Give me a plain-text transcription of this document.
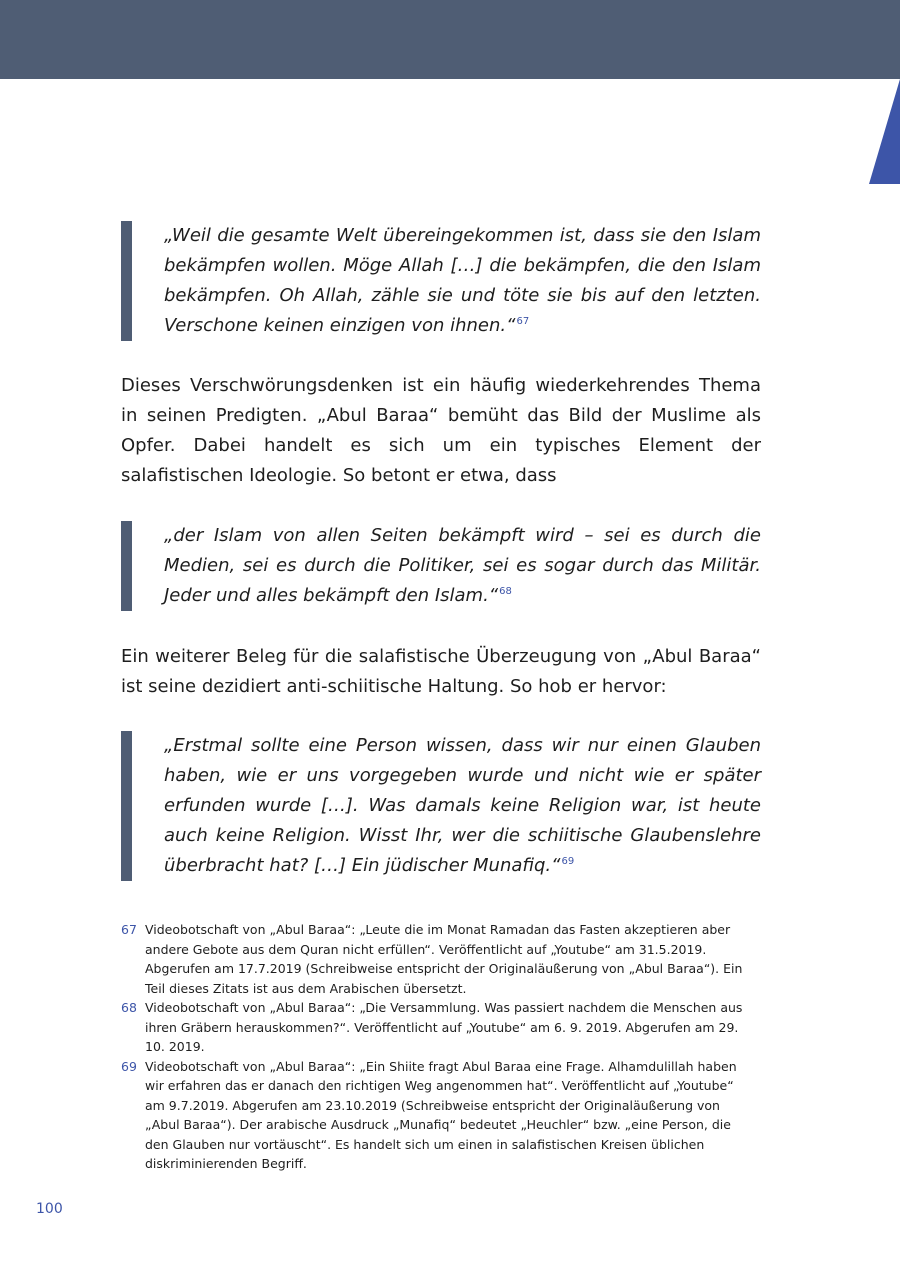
„Weil die gesamte Welt übereingekommen ist, dass sie den Islam bekämpfen wollen. Möge Allah […] die bekämpfen, die den Islam bekämpfen. Oh Allah, zähle sie und töte sie bis auf den letzten. Verschone keinen einzigen von ihnen.“$^{67}$

Dieses Verschwörungsdenken ist ein häufig wiederkehrendes Thema in seinen Predigten. „Abul Baraa“ bemüht das Bild der Muslime als Opfer. Dabei handelt es sich um ein typisches Element der salafistischen Ideologie. So betont er etwa, dass

„der Islam von allen Seiten bekämpft wird – sei es durch die Medien, sei es durch die Politiker, sei es sogar durch das Militär. Jeder und alles bekämpft den Islam.“$^{68}$

Ein weiterer Beleg für die salafistische Überzeugung von „Abul Baraa“ ist seine dezidiert anti-schiitische Haltung. So hob er hervor:

„Erstmal sollte eine Person wissen, dass wir nur einen Glauben haben, wie er uns vorgegeben wurde und nicht wie er später erfunden wurde […]. Was damals keine Religion war, ist heute auch keine Religion. Wisst Ihr, wer die schiitische Glaubenslehre überbracht hat? […] Ein jüdischer Munafiq.“$^{69}$
67 Videobotschaft von „Abul Baraa“: „Leute die im Monat Ramadan das Fasten akzeptieren aber andere Gebote aus dem Quran nicht erfüllen“. Veröffentlicht auf „Youtube“ am 31.5.2019. Abgerufen am 17.7.2019 (Schreibweise entspricht der Originaläußerung von „Abul Baraa“). Ein Teil dieses Zitats ist aus dem Arabischen übersetzt.
68 Videobotschaft von „Abul Baraa“: „Die Versammlung. Was passiert nachdem die Menschen aus ihren Gräbern herauskommen?“. Veröffentlicht auf „Youtube“ am 6. 9. 2019. Abgerufen am 29. 10. 2019.
69 Videobotschaft von „Abul Baraa“: „Ein Shiite fragt Abul Baraa eine Frage. Alhamdulillah haben wir erfahren das er danach den richtigen Weg angenommen hat“. Veröffentlicht auf „Youtube“ am 9.7.2019. Abgerufen am 23.10.2019 (Schreibweise entspricht der Originaläußerung von „Abul Baraa“). Der arabische Ausdruck „Munafiq“ bedeutet „Heuchler“ bzw. „eine Person, die den Glauben nur vortäuscht“. Es handelt sich um einen in salafistischen Kreisen üblichen diskriminierenden Begriff.
100
